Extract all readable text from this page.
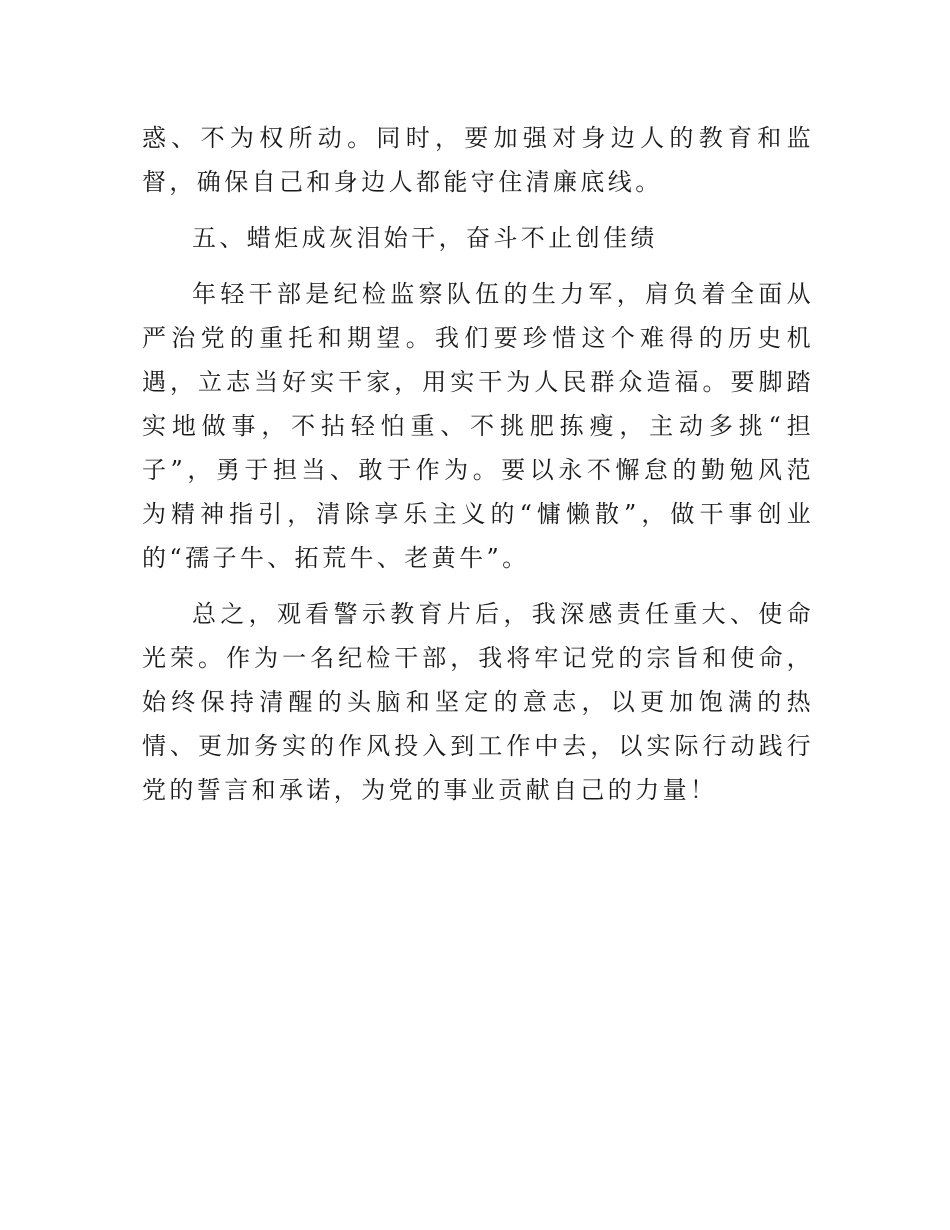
惑、不为权所动。同时，要加强对身边人的教育和监督，确保自己和身边人都能守住清廉底线。

五、蜡炬成灰泪始干，奋斗不止创佳绩

年轻干部是纪检监察队伍的生力军，肩负着全面从严治党的重托和期望。我们要珍惜这个难得的历史机遇，立志当好实干家，用实干为人民群众造福。要脚踏实地做事，不拈轻怕重、不挑肥拣瘦，主动多挑“担子”，勇于担当、敢于作为。要以永不懈怠的勤勉风范为精神指引，清除享乐主义的“慵懒散”，做干事创业的“孺子牛、拓荒牛、老黄牛”。

总之，观看警示教育片后，我深感责任重大、使命光荣。作为一名纪检干部，我将牢记党的宗旨和使命，始终保持清醒的头脑和坚定的意志，以更加饱满的热情、更加务实的作风投入到工作中去，以实际行动践行党的誓言和承诺，为党的事业贡献自己的力量！
